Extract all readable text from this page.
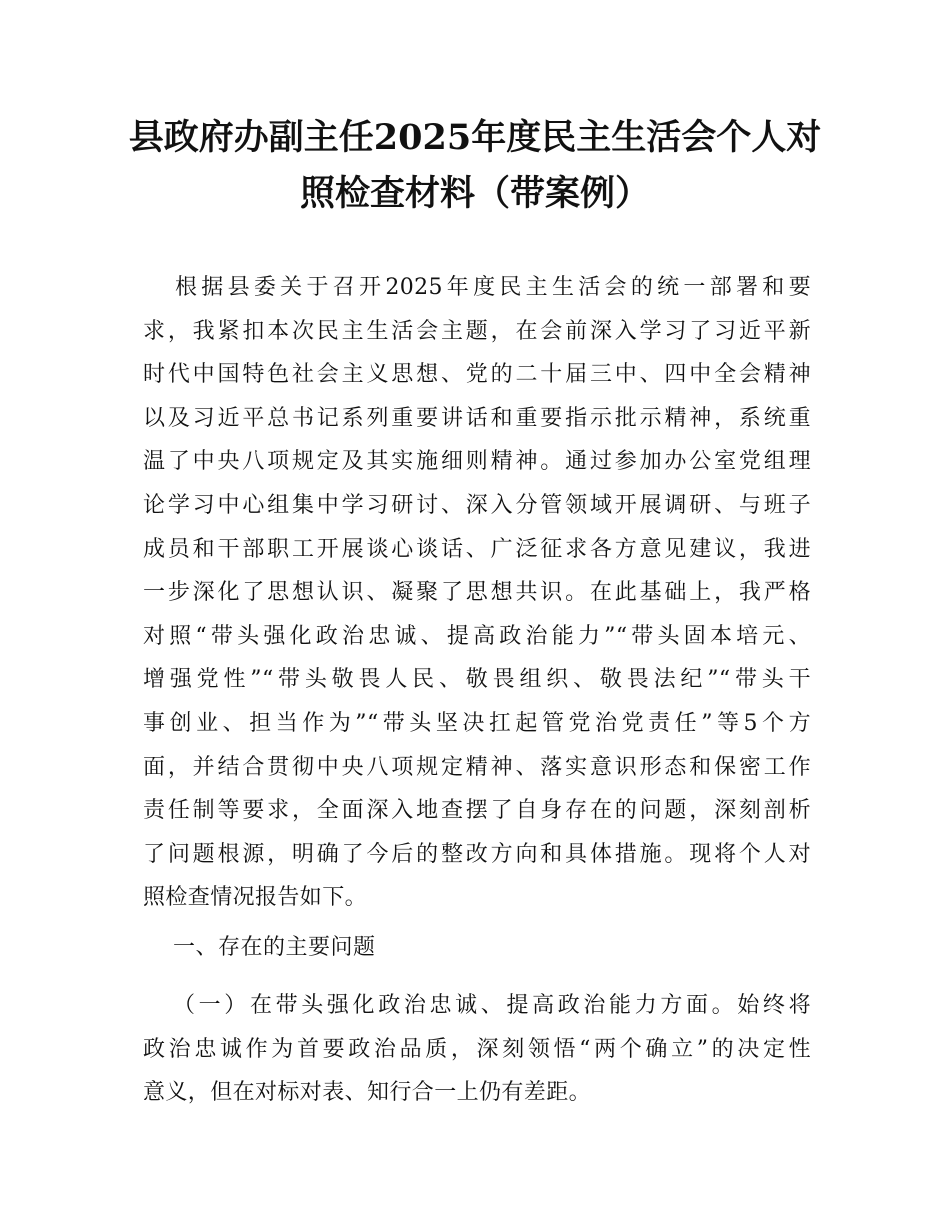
县政府办副主任2025年度民主生活会个人对
照检查材料（带案例）
根据县委关于召开2025年度民主生活会的统一部署和要
求，我紧扣本次民主生活会主题，在会前深入学习了习近平新
时代中国特色社会主义思想、党的二十届三中、四中全会精神
以及习近平总书记系列重要讲话和重要指示批示精神，系统重
温了中央八项规定及其实施细则精神。通过参加办公室党组理
论学习中心组集中学习研讨、深入分管领域开展调研、与班子
成员和干部职工开展谈心谈话、广泛征求各方意见建议，我进
一步深化了思想认识、凝聚了思想共识。在此基础上，我严格
对照“带头强化政治忠诚、提高政治能力”“带头固本培元、
增强党性”“带头敬畏人民、敬畏组织、敬畏法纪”“带头干
事创业、担当作为”“带头坚决扛起管党治党责任”等5个方
面，并结合贯彻中央八项规定精神、落实意识形态和保密工作
责任制等要求，全面深入地查摆了自身存在的问题，深刻剖析
了问题根源，明确了今后的整改方向和具体措施。现将个人对
照检查情况报告如下。
一、存在的主要问题
（一）在带头强化政治忠诚、提高政治能力方面。始终将
政治忠诚作为首要政治品质，深刻领悟“两个确立”的决定性
意义，但在对标对表、知行合一上仍有差距。
